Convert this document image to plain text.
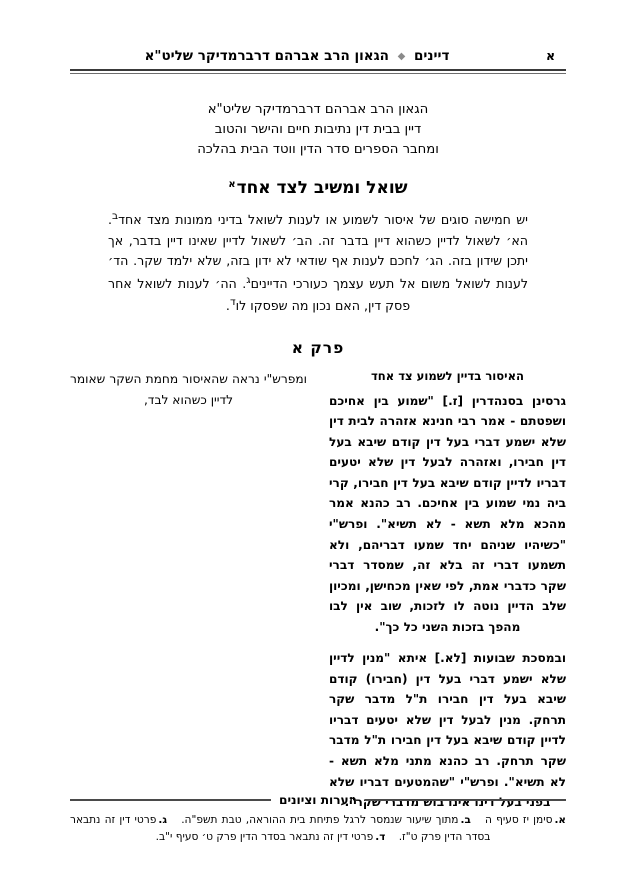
א
דיינים ◆ הגאון הרב אברהם דרברמדיקר שליט"א
הגאון הרב אברהם דרברמדיקר שליט"א
דיין בבית דין נתיבות חיים והישר והטוב
ומחבר הספרים סדר הדין ווטד הבית בהלכה
שואל ומשיב לצד אחד$^א$
יש חמישה סוגים של איסור לשמוע או לענות לשואל בדיני ממונות מצד אחד$^ב$. הא׳ לשאול לדיין כשהוא דיין בדבר זה. הב׳ לשאול לדיין שאינו דיין בדבר, אך יתכן שידון בזה. הג׳ לחכם לענות אף שודאי לא ידון בזה, שלא ילמד שקר. הד׳ לענות לשואל משום אל תעש עצמך כעורכי הדיינים$^ג$. הה׳ לענות לשואל אחר פסק דין, האם נכון מה שפסקו לו$^ד$.
פרק א
האיסור בדיין לשמוע צד אחד

גרסינן בסנהדרין [ז.] "שמוע בין אחיכם ושפטתם - אמר רבי חנינא אזהרה לבית דין שלא ישמע דברי בעל דין קודם שיבא בעל דין חבירו, ואזהרה לבעל דין שלא יטעים דבריו לדיין קודם שיבא בעל דין חבירו, קרי ביה נמי שמוע בין אחיכם. רב כהנא אמר מהכא מלא תשא - לא תשיא". ופרש"י "כשיהיו שניהם יחד שמעו דבריהם, ולא תשמעו דברי זה בלא זה, שמסדר דברי שקר כדברי אמת, לפי שאין מכחישן, ומכיון שלב הדיין נוטה לו לזכות, שוב אין לבו מהפך בזכות השני כל כך".

ובמסכת שבועות [לא.] איתא "מנין לדיין שלא ישמע דברי בעל דין (חבירו) קודם שיבא בעל דין חבירו ת"ל מדבר שקר תרחק. מנין לבעל דין שלא יטעים דבריו לדיין קודם שיבא בעל דין חבירו ת"ל מדבר שקר תרחק. רב כהנא מתני מלא תשא - לא תשיא". ופרש"י "שהמטעים דבריו שלא בפני בעל דינו אינו בוש מדברי שקר".

ומפרש"י נראה שהאיסור מחמת השקר שאומר לדיין כשהוא לבד,

הערות וציונים
א.סימן יז סעיף ה ב.מתוך שיעור שנמסר לרגל פתיחת בית ההוראה, טבת תשפ"ה. ג.פרטי דין זה נתבאר בסדר הדין פרק ט"ז. ד.פרטי דין זה נתבאר בסדר הדין פרק ט׳ סעיף י"ב.
